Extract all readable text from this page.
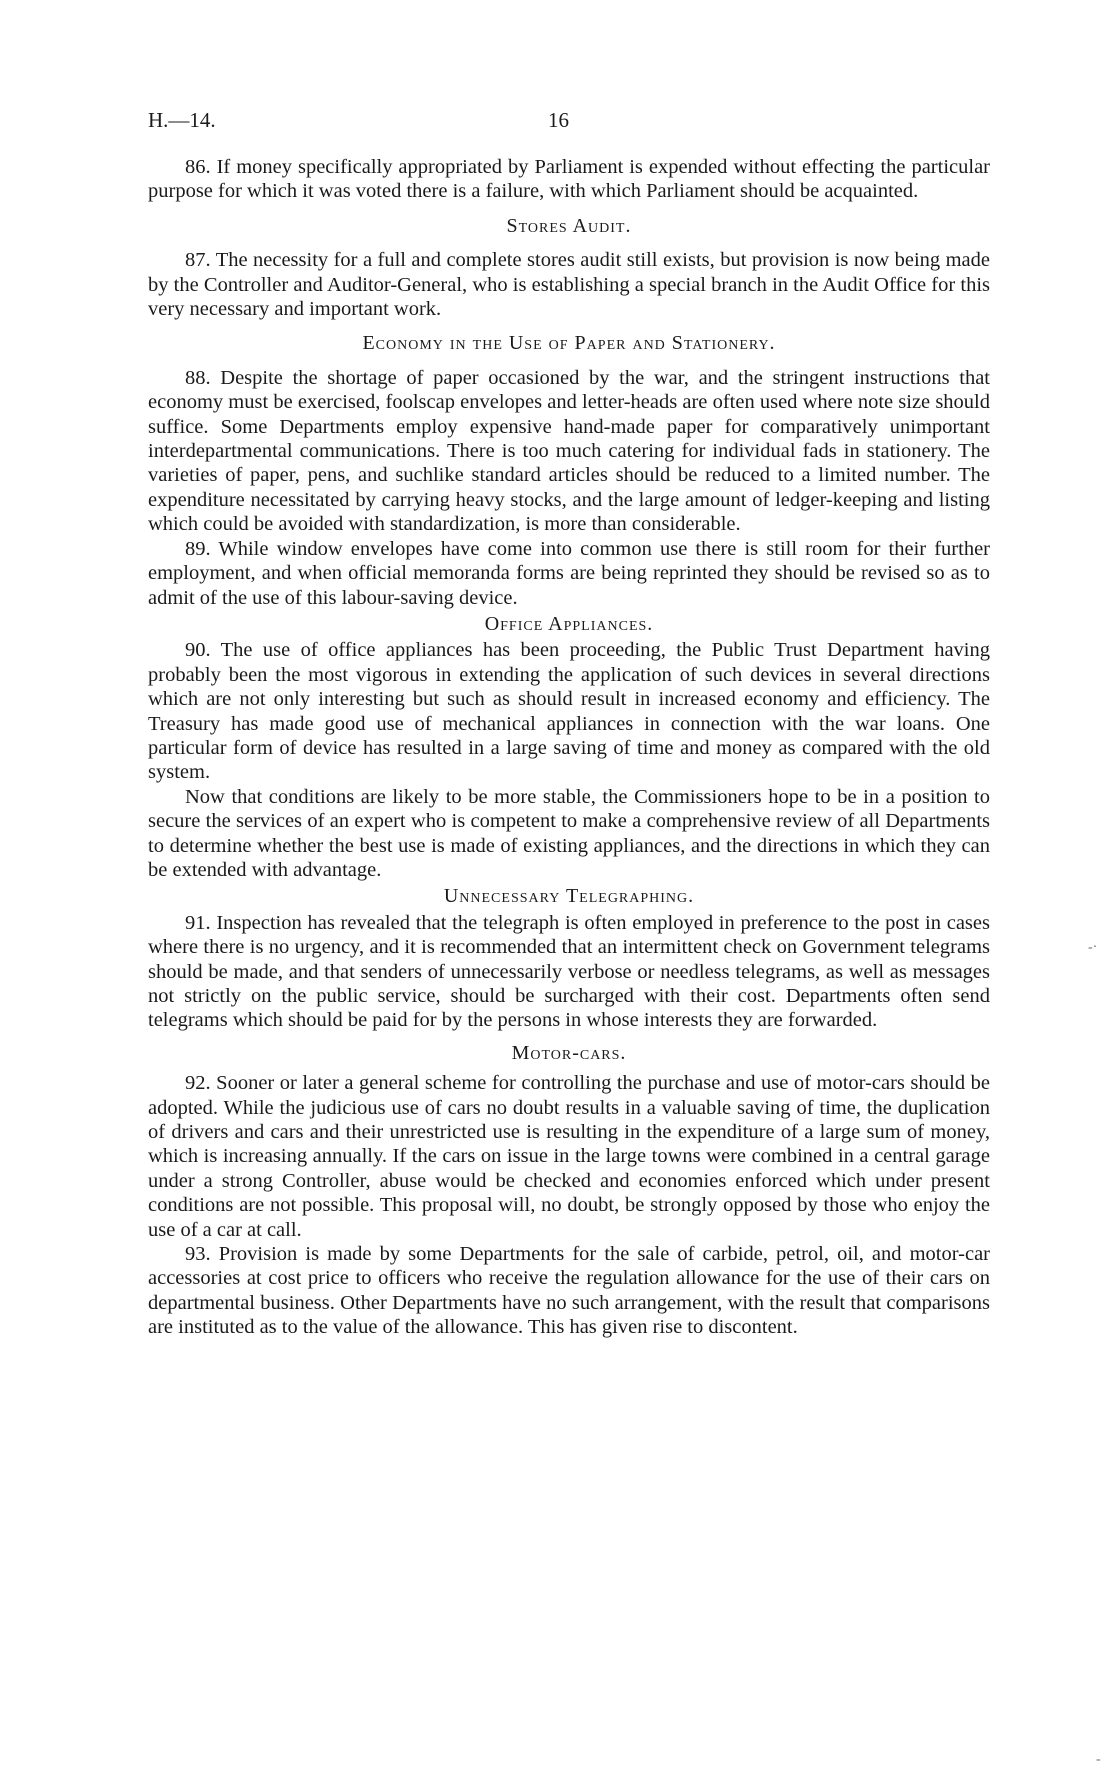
H.—14.	16

86. If money specifically appropriated by Parliament is expended without effecting the particular purpose for which it was voted there is a failure, with which Parliament should be acquainted.

Stores Audit.

87. The necessity for a full and complete stores audit still exists, but provision is now being made by the Controller and Auditor-General, who is establishing a special branch in the Audit Office for this very necessary and important work.

Economy in the Use of Paper and Stationery.

88. Despite the shortage of paper occasioned by the war, and the stringent instructions that economy must be exercised, foolscap envelopes and letter-heads are often used where note size should suffice. Some Departments employ expensive hand-made paper for comparatively unimportant interdepartmental communications. There is too much catering for individual fads in stationery. The varieties of paper, pens, and suchlike standard articles should be reduced to a limited number. The expenditure necessitated by carrying heavy stocks, and the large amount of ledger-keeping and listing which could be avoided with standardization, is more than considerable.

89. While window envelopes have come into common use there is still room for their further employment, and when official memoranda forms are being reprinted they should be revised so as to admit of the use of this labour-saving device.

Office Appliances.

90. The use of office appliances has been proceeding, the Public Trust Department having probably been the most vigorous in extending the application of such devices in several directions which are not only interesting but such as should result in increased economy and efficiency. The Treasury has made good use of mechanical appliances in connection with the war loans. One particular form of device has resulted in a large saving of time and money as compared with the old system.

Now that conditions are likely to be more stable, the Commissioners hope to be in a position to secure the services of an expert who is competent to make a comprehensive review of all Departments to determine whether the best use is made of existing appliances, and the directions in which they can be extended with advantage.

Unnecessary Telegraphing.

91. Inspection has revealed that the telegraph is often employed in preference to the post in cases where there is no urgency, and it is recommended that an intermittent check on Government telegrams should be made, and that senders of unnecessarily verbose or needless telegrams, as well as messages not strictly on the public service, should be surcharged with their cost. Departments often send telegrams which should be paid for by the persons in whose interests they are forwarded.

Motor-cars.

92. Sooner or later a general scheme for controlling the purchase and use of motor-cars should be adopted. While the judicious use of cars no doubt results in a valuable saving of time, the duplication of drivers and cars and their unrestricted use is resulting in the expenditure of a large sum of money, which is increasing annually. If the cars on issue in the large towns were combined in a central garage under a strong Controller, abuse would be checked and economies enforced which under present conditions are not possible. This proposal will, no doubt, be strongly opposed by those who enjoy the use of a car at call.

93. Provision is made by some Departments for the sale of carbide, petrol, oil, and motor-car accessories at cost price to officers who receive the regulation allowance for the use of their cars on departmental business. Other Departments have no such arrangement, with the result that comparisons are instituted as to the value of the allowance. This has given rise to discontent.

-·
‐
